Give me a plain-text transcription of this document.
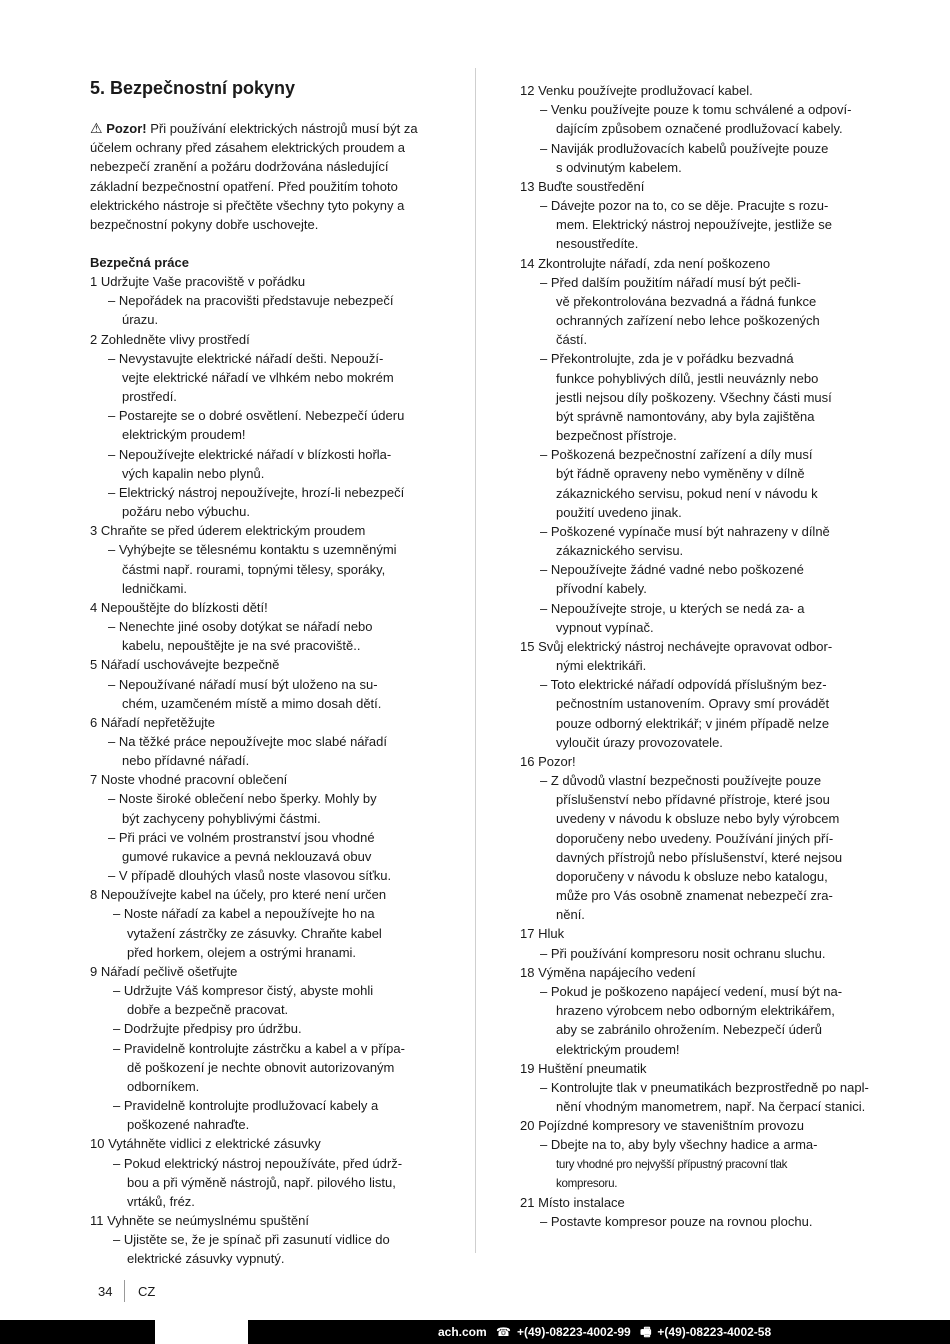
5. Bezpečnostní pokyny
⚠ Pozor! Při používání elektrických nástrojů musí být za účelem ochrany před zásahem elektrických proudem a nebezpečí zranění a požáru dodržována následující základní bezpečnostní opatření. Před použitím tohoto elektrického nástroje si přečtěte všechny tyto pokyny a bezpečnostní pokyny dobře uschovejte.
Bezpečná práce
1 Udržujte Vaše pracoviště v pořádku
– Nepořádek na pracovišti představuje nebezpečí
úrazu.
2 Zohledněte vlivy prostředí
– Nevystavujte elektrické nářadí dešti. Nepouží-
vejte elektrické nářadí ve vlhkém nebo mokrém
prostředí.
– Postarejte se o dobré osvětlení. Nebezpečí úderu
elektrickým proudem!
– Nepoužívejte elektrické nářadí v blízkosti hořla-
vých kapalin nebo plynů.
– Elektrický nástroj nepoužívejte, hrozí-li nebezpečí
požáru nebo výbuchu.
3 Chraňte se před úderem elektrickým proudem
– Vyhýbejte se tělesnému kontaktu s uzemněnými
částmi např. rourami, topnými tělesy, sporáky,
ledničkami.
4 Nepouštějte do blízkosti dětí!
– Nenechte jiné osoby dotýkat se nářadí nebo
kabelu, nepouštějte je na své pracoviště..
5 Nářadí uschovávejte bezpečně
– Nepoužívané nářadí musí být uloženo na su-
chém, uzamčeném místě a mimo dosah dětí.
6 Nářadí nepřetěžujte
– Na těžké práce nepoužívejte moc slabé nářadí
nebo přídavné nářadí.
7 Noste vhodné pracovní oblečení
– Noste široké oblečení nebo šperky. Mohly by
být zachyceny pohyblivými částmi.
– Při práci ve volném prostranství jsou vhodné
gumové rukavice a pevná neklouzavá obuv
– V případě dlouhých vlasů noste vlasovou síťku.
8 Nepoužívejte kabel na účely, pro které není určen
– Noste nářadí za kabel a nepoužívejte ho na
vytažení zástrčky ze zásuvky. Chraňte kabel
před horkem, olejem a ostrými hranami.
9 Nářadí pečlivě ošetřujte
– Udržujte Váš kompresor čistý, abyste mohli
dobře a bezpečně pracovat.
– Dodržujte předpisy pro údržbu.
– Pravidelně kontrolujte zástrčku a kabel a v přípa-
dě poškození je nechte obnovit autorizovaným
odborníkem.
– Pravidelně kontrolujte prodlužovací kabely a
poškozené nahraďte.
10 Vytáhněte vidlici z elektrické zásuvky
– Pokud elektrický nástroj nepoužíváte, před údrž-
bou a při výměně nástrojů, např. pilového listu,
vrtáků, fréz.
11 Vyhněte se neúmyslnému spuštění
– Ujistěte se, že je spínač při zasunutí vidlice do
elektrické zásuvky vypnutý.
12 Venku používejte prodlužovací kabel.
– Venku používejte pouze k tomu schválené a odpoví-
dajícím způsobem označené prodlužovací kabely.
– Naviják prodlužovacích kabelů používejte pouze
s odvinutým kabelem.
13 Buďte soustředění
– Dávejte pozor na to, co se děje. Pracujte s rozu-
mem. Elektrický nástroj nepoužívejte, jestliže se
nesoustředíte.
14 Zkontrolujte nářadí, zda není poškozeno
– Před dalším použitím nářadí musí být pečli-
vě překontrolována bezvadná a řádná funkce
ochranných zařízení nebo lehce poškozených
částí.
– Překontrolujte, zda je v pořádku bezvadná
funkce pohyblivých dílů, jestli neuváznly nebo
jestli nejsou díly poškozeny. Všechny části musí
být správně namontovány, aby byla zajištěna
bezpečnost přístroje.
– Poškozená bezpečnostní zařízení a díly musí
být řádně opraveny nebo vyměněny v dílně
zákaznického servisu, pokud není v návodu k
použití uvedeno jinak.
– Poškozené vypínače musí být nahrazeny v dílně
zákaznického servisu.
– Nepoužívejte žádné vadné nebo poškozené
přívodní kabely.
– Nepoužívejte stroje, u kterých se nedá za- a
vypnout vypínač.
15 Svůj elektrický nástroj nechávejte opravovat odbor-
nými elektrikáři.
– Toto elektrické nářadí odpovídá příslušným bez-
pečnostním ustanovením. Opravy smí provádět
pouze odborný elektrikář; v jiném případě nelze
vyloučit úrazy provozovatele.
16 Pozor!
– Z důvodů vlastní bezpečnosti používejte pouze
příslušenství nebo přídavné přístroje, které jsou
uvedeny v návodu k obsluze nebo byly výrobcem
doporučeny nebo uvedeny. Používání jiných pří-
davných přístrojů nebo příslušenství, které nejsou
doporučeny v návodu k obsluze nebo katalogu,
může pro Vás osobně znamenat nebezpečí zra-
nění.
17 Hluk
– Při používání kompresoru nosit ochranu sluchu.
18 Výměna napájecího vedení
– Pokud je poškozeno napájecí vedení, musí být na-
hrazeno výrobcem nebo odborným elektrikářem,
aby se zabránilo ohrožením. Nebezpečí úderů
elektrickým proudem!
19 Huštění pneumatik
– Kontrolujte tlak v pneumatikách bezprostředně po napl-
nění vhodným manometrem, např. Na čerpací stanici.
20 Pojízdné kompresory ve staveništním provozu
– Dbejte na to, aby byly všechny hadice a arma-
tury vhodné pro nejvyšší přípustný pracovní tlak
kompresoru.
21 Místo instalace
– Postavte kompresor pouze na rovnou plochu.
34 CZ
ach.com ☎ +(49)-08223-4002-99 🖷 +(49)-08223-4002-58
